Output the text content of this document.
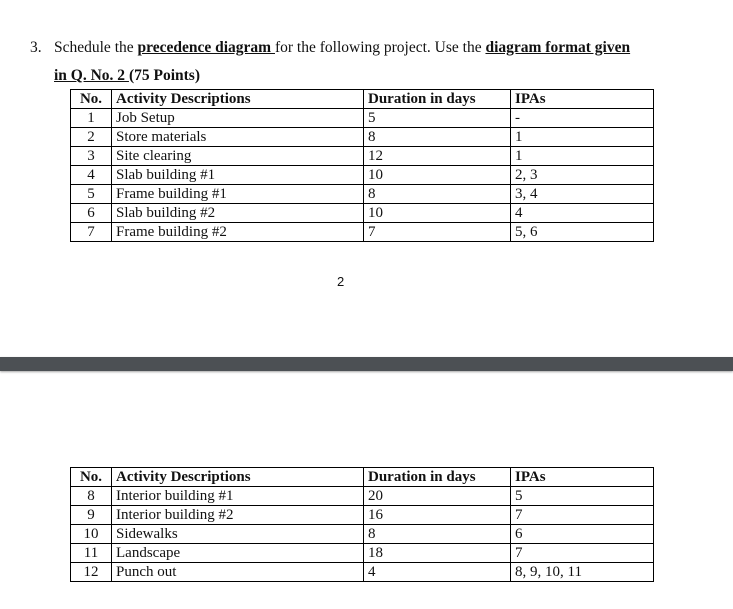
3. Schedule the precedence diagram for the following project. Use the diagram format given
in Q. No. 2 (75 Points)
No.	Activity Descriptions	Duration in days	IPAs
1	Job Setup	5	-
2	Store materials	8	1
3	Site clearing	12	1
4	Slab building #1	10	2, 3
5	Frame building #1	8	3, 4
6	Slab building #2	10	4
7	Frame building #2	7	5, 6
2
No.	Activity Descriptions	Duration in days	IPAs
8	Interior building #1	20	5
9	Interior building #2	16	7
10	Sidewalks	8	6
11	Landscape	18	7
12	Punch out	4	8, 9, 10, 11
